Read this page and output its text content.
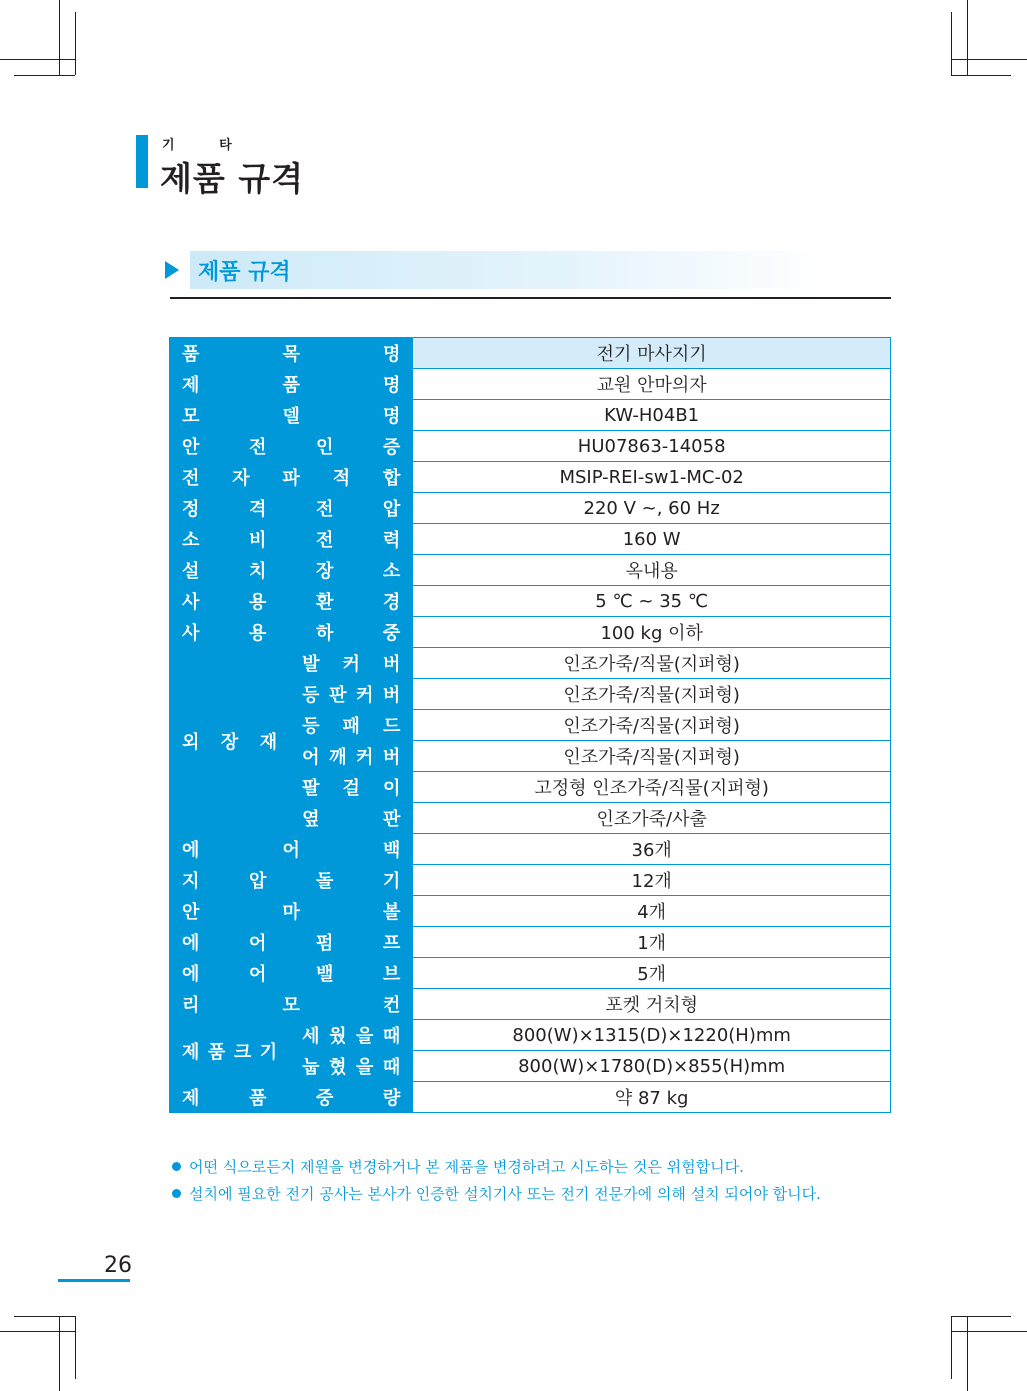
기 타
제품 규격
제품 규격
품 목 명		전기 마사지기

제 품 명		교원 안마의자

모 델 명		KW-H04B1

안 전 인 증		HU07863-14058

전 자 파 적 합		MSIP-REI-sw1-MC-02

정 격 전 압		220 V ~, 60 Hz

소 비 전 력		160 W

설 치 장 소		옥내용

사 용 환 경		5 ℃ ~ 35 ℃

사 용 하 중		100 kg 이하

외 장 재	발 커 버	인조가죽/직물(지퍼형)

	등 판 커 버	인조가죽/직물(지퍼형)

	등 패 드	인조가죽/직물(지퍼형)

	어 깨 커 버	인조가죽/직물(지퍼형)

	팔 걸 이	고정형 인조가죽/직물(지퍼형)

	옆 판	인조가죽/사출

에 어 백		36개

지 압 돌 기		12개

안 마 볼		4개

에 어 펌 프		1개

에 어 밸 브		5개

리 모 컨		포켓 거치형

제 품 크 기	세 웠 을 때	800(W)×1315(D)×1220(H)mm

	눕 혔 을 때	800(W)×1780(D)×855(H)mm

제 품 중 량		약 87 kg
어떤 식으로든지 제원을 변경하거나 본 제품을 변경하려고 시도하는 것은 위험합니다.
설치에 필요한 전기 공사는 본사가 인증한 설치기사 또는 전기 전문가에 의해 설치 되어야 합니다.
26
